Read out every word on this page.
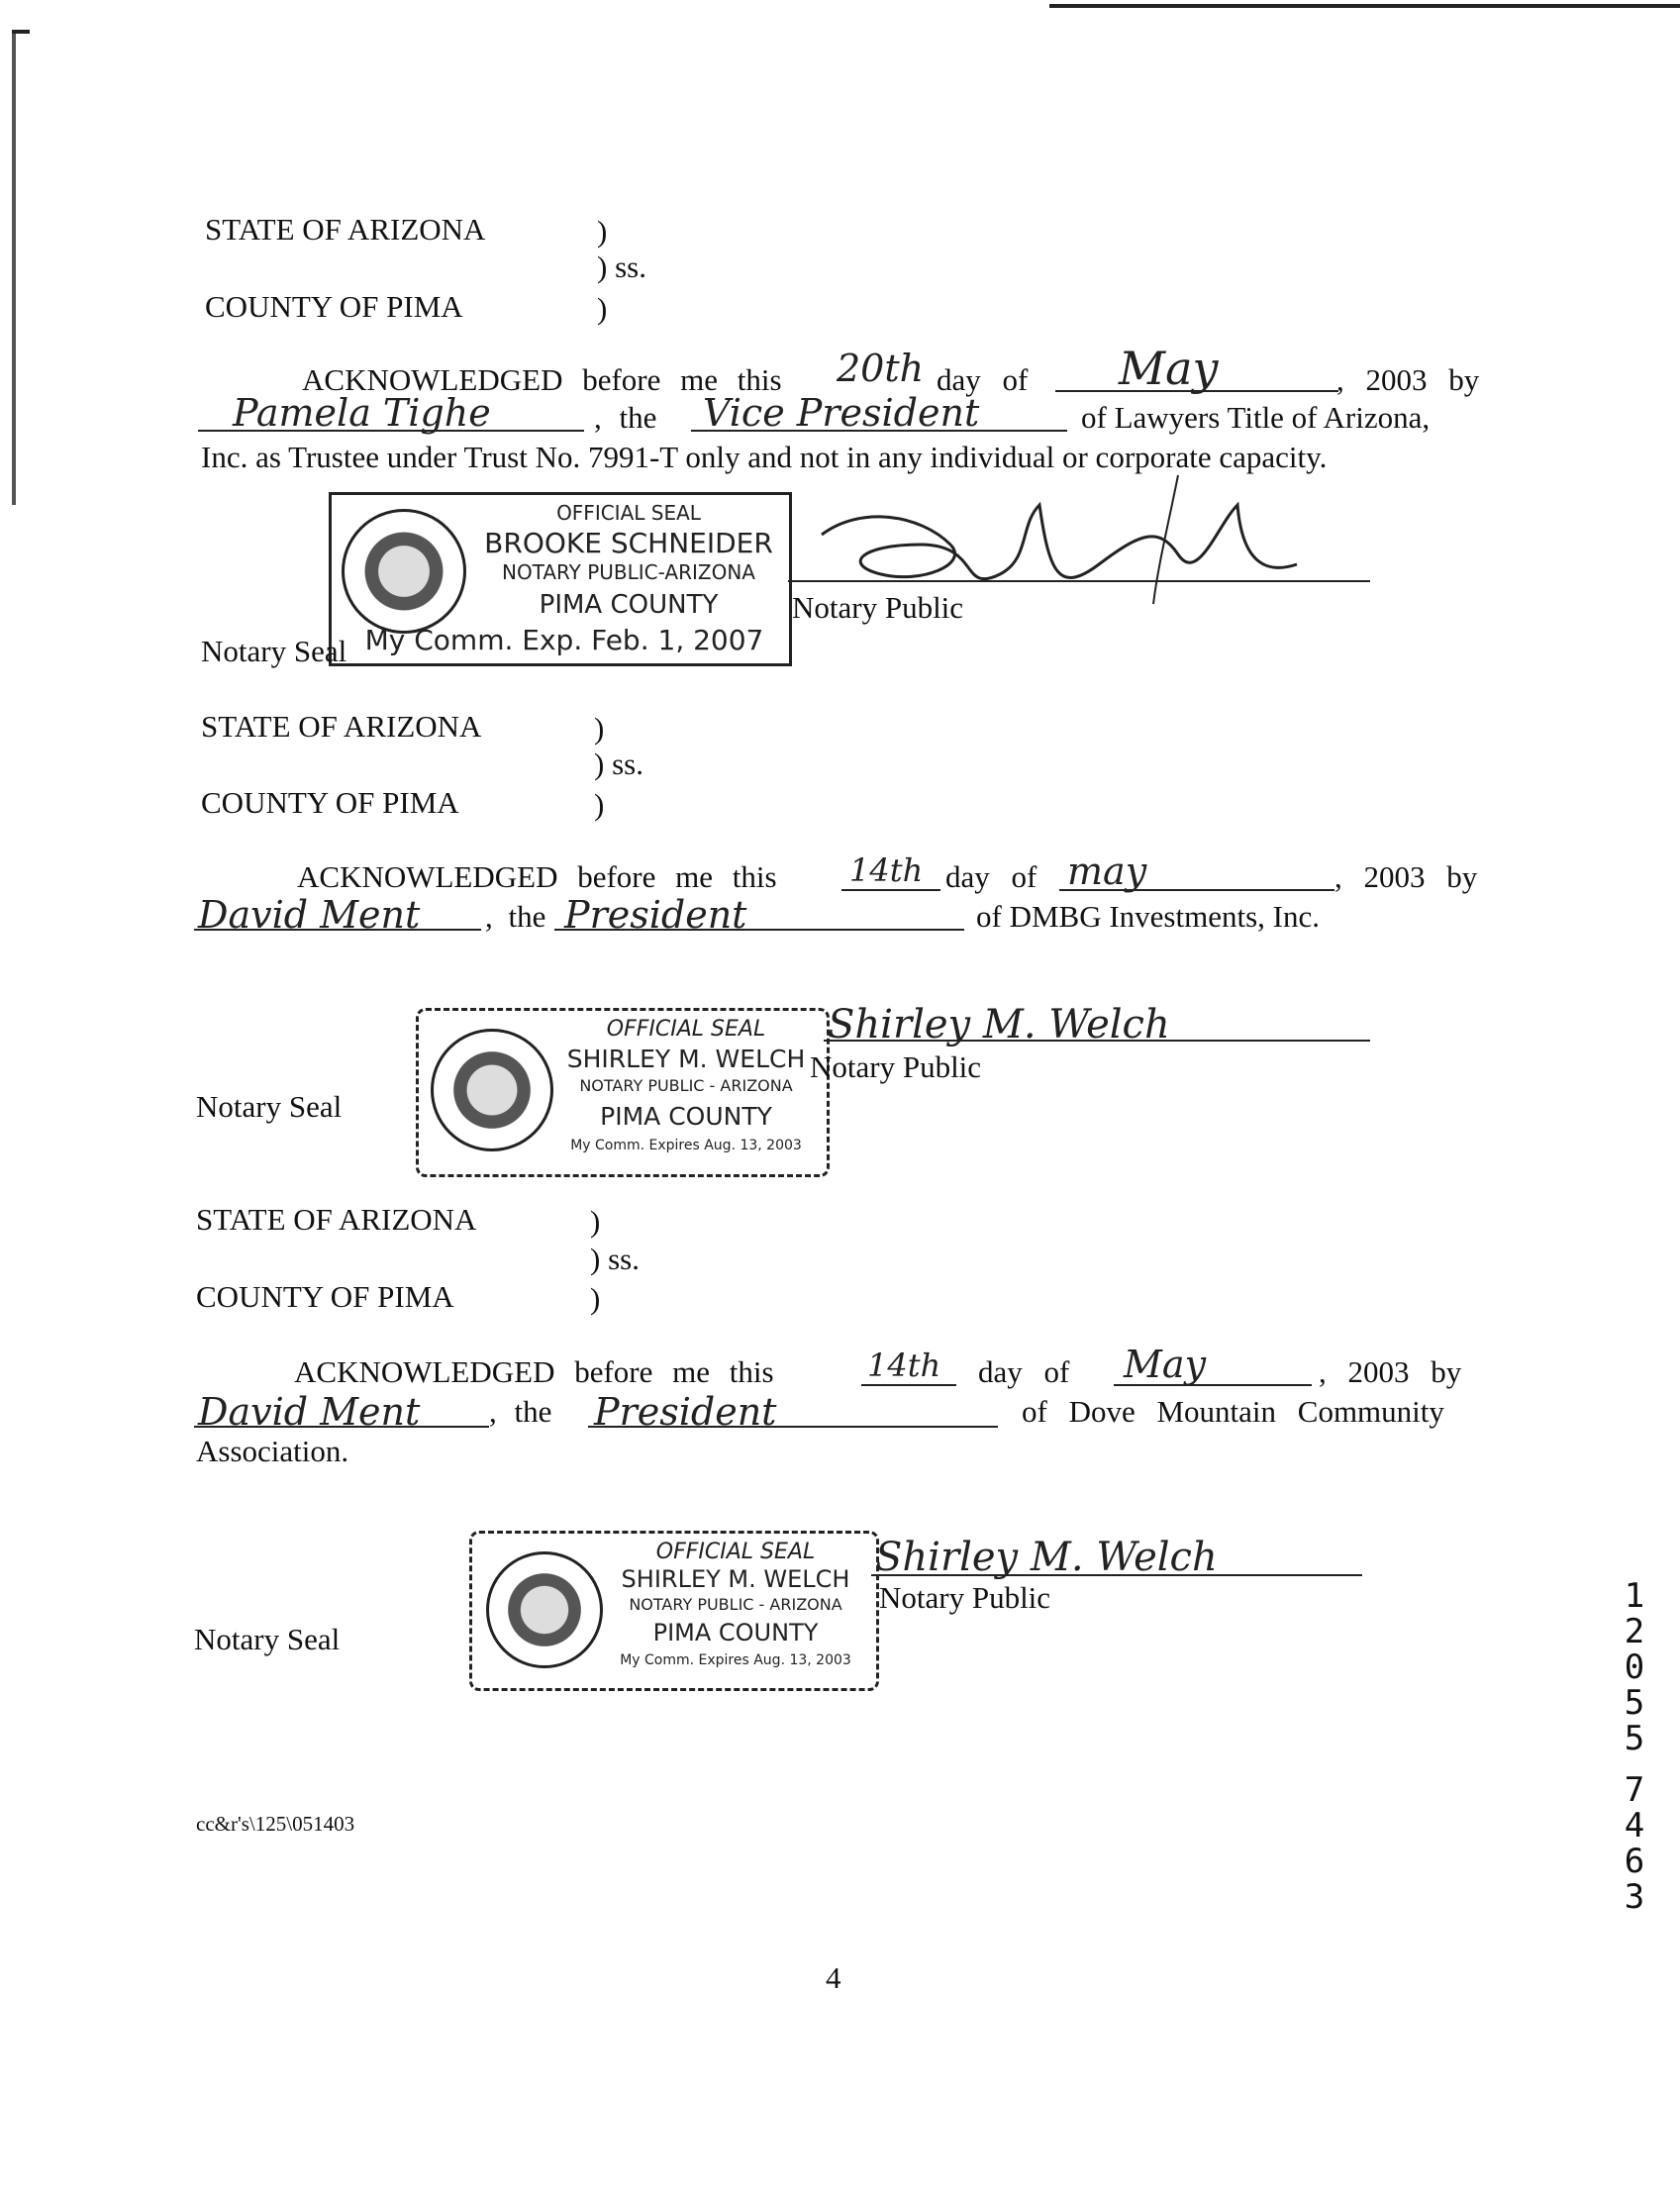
STATE OF ARIZONA	)
) ss.
COUNTY OF PIMA	)
ACKNOWLEDGED before me this 20th day of May	, 2003 by
Pamela Tighe	, the Vice President	of Lawyers Title of Arizona,
Inc. as Trustee under Trust No. 7991-T only and not in any individual or corporate capacity.
OFFICIAL SEAL
BROOKE SCHNEIDER
NOTARY PUBLIC-ARIZONA
PIMA COUNTY
My Comm. Exp. Feb. 1, 2007
Notary Public
Notary Seal
STATE OF ARIZONA	)
) ss.
COUNTY OF PIMA	)
ACKNOWLEDGED before me this 14th day of may	, 2003 by
David Ment , the President	of DMBG Investments, Inc.
OFFICIAL SEAL
SHIRLEY M. WELCH
NOTARY PUBLIC - ARIZONA
PIMA COUNTY
My Comm. Expires Aug. 13, 2003
Shirley M. Welch
Notary Public
Notary Seal
STATE OF ARIZONA	)
) ss.
COUNTY OF PIMA	)
ACKNOWLEDGED before me this	14th day of May	, 2003 by
David Ment , the President	of Dove Mountain Community
Association.
OFFICIAL SEAL
SHIRLEY M. WELCH
NOTARY PUBLIC - ARIZONA
PIMA COUNTY
My Comm. Expires Aug. 13, 2003
Shirley M. Welch
Notary Public
Notary Seal
cc&r's\125\051403
4
1
2
0
5
5
7
4
6
3
